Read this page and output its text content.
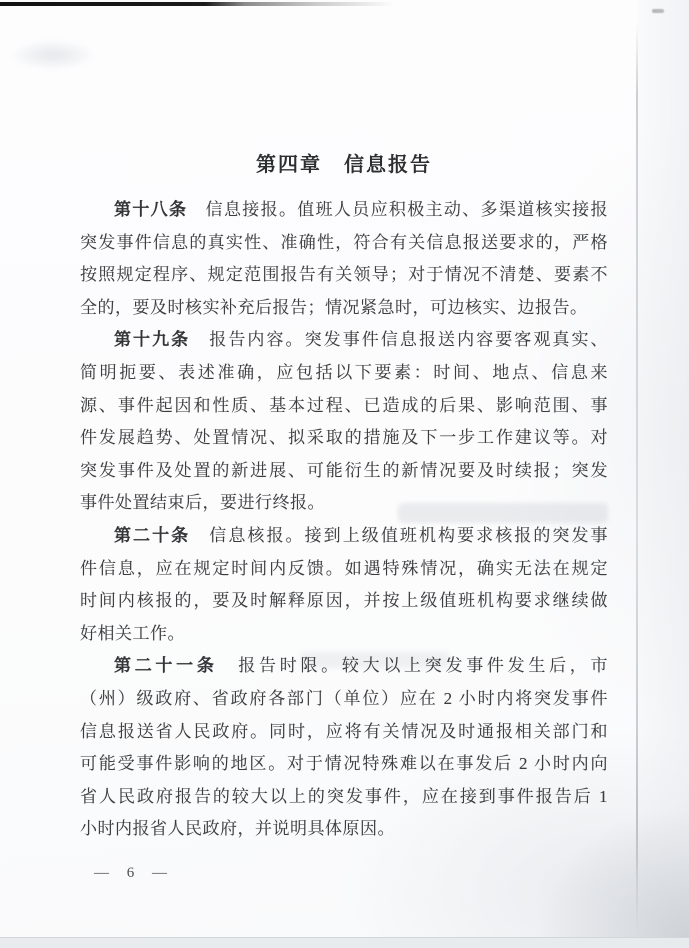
第四章　信息报告
第十八条　信息接报。值班人员应积极主动、多渠道核实接报
突发事件信息的真实性、准确性，符合有关信息报送要求的，严格
按照规定程序、规定范围报告有关领导；对于情况不清楚、要素不
全的，要及时核实补充后报告；情况紧急时，可边核实、边报告。
第十九条　报告内容。突发事件信息报送内容要客观真实、
简明扼要、表述准确，应包括以下要素：时间、地点、信息来
源、事件起因和性质、基本过程、已造成的后果、影响范围、事
件发展趋势、处置情况、拟采取的措施及下一步工作建议等。对
突发事件及处置的新进展、可能衍生的新情况要及时续报；突发
事件处置结束后，要进行终报。
第二十条　信息核报。接到上级值班机构要求核报的突发事
件信息，应在规定时间内反馈。如遇特殊情况，确实无法在规定
时间内核报的，要及时解释原因，并按上级值班机构要求继续做
好相关工作。
第二十一条　报告时限。较大以上突发事件发生后，市
（州）级政府、省政府各部门（单位）应在 2 小时内将突发事件
信息报送省人民政府。同时，应将有关情况及时通报相关部门和
可能受事件影响的地区。对于情况特殊难以在事发后 2 小时内向
省人民政府报告的较大以上的突发事件，应在接到事件报告后 1
小时内报省人民政府，并说明具体原因。
— 6 —
